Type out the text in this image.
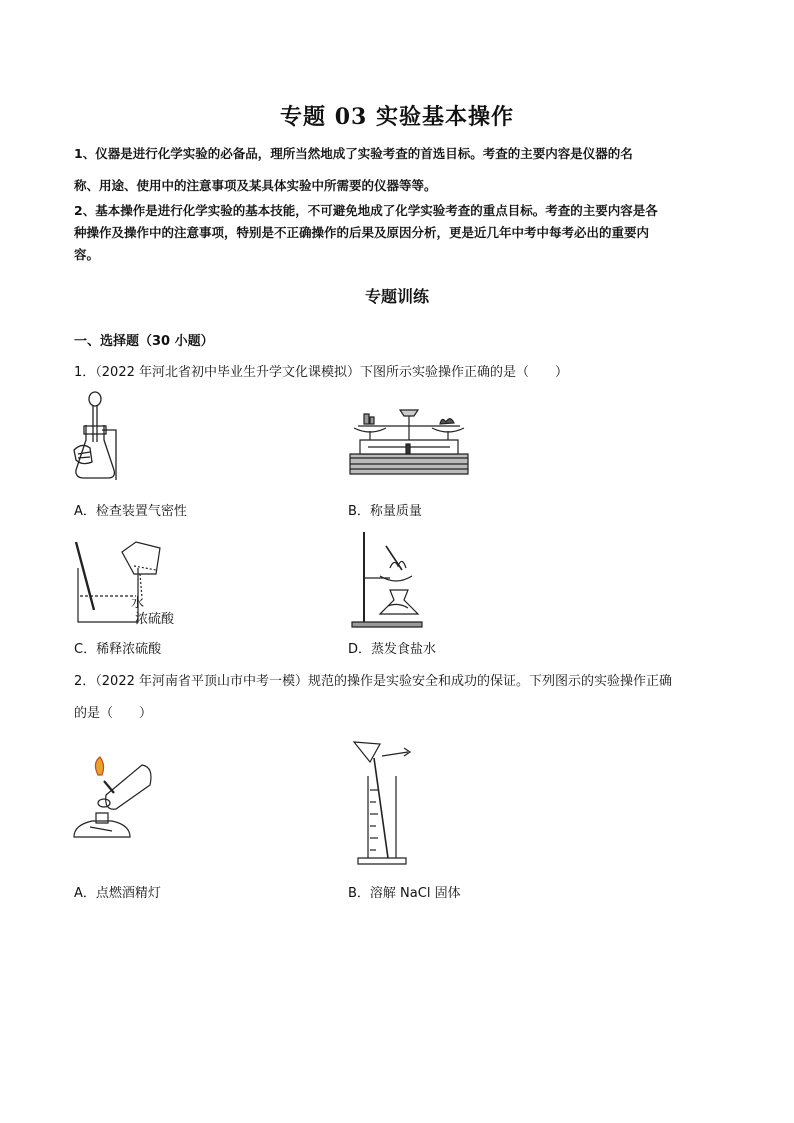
专题 03 实验基本操作
1、仪器是进行化学实验的必备品，理所当然地成了实验考查的首选目标。考查的主要内容是仪器的名
称、用途、使用中的注意事项及某具体实验中所需要的仪器等等。
2、基本操作是进行化学实验的基本技能，不可避免地成了化学实验考查的重点目标。考查的主要内容是各
种操作及操作中的注意事项，特别是不正确操作的后果及原因分析，更是近几年中考中每考必出的重要内
容。
专题训练
一、选择题（30 小题）
1．（2022 年河北省初中毕业生升学文化课模拟）下图所示实验操作正确的是（　　）
A．检查装置气密性	B．称量质量
水
浓硫酸
C．稀释浓硫酸	D．蒸发食盐水
2．（2022 年河南省平顶山市中考一模）规范的操作是实验安全和成功的保证。下列图示的实验操作正确
的是（　　）
A．点燃酒精灯	B．溶解 NaCl 固体
